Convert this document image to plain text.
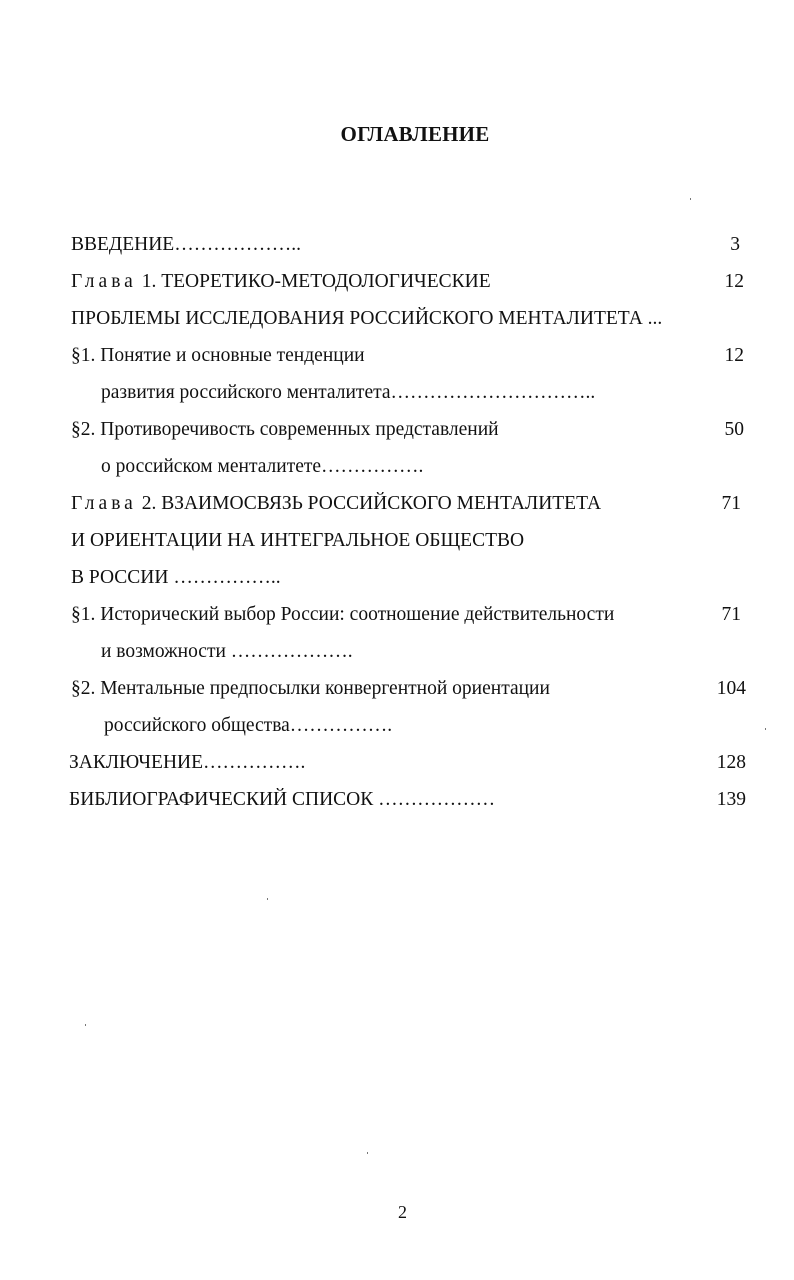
ОГЛАВЛЕНИЕ
ВВЕДЕНИЕ………………..	3
Глава 1. ТЕОРЕТИКО-МЕТОДОЛОГИЧЕСКИЕ	12
ПРОБЛЕМЫ ИССЛЕДОВАНИЯ РОССИЙСКОГО МЕНТАЛИТЕТА ...
§1. Понятие и основные тенденции	12
развития российского менталитета…………………………..
§2. Противоречивость современных представлений	50
о российском менталитете…………….
Глава 2. ВЗАИМОСВЯЗЬ РОССИЙСКОГО МЕНТАЛИТЕТА	71
И ОРИЕНТАЦИИ НА ИНТЕГРАЛЬНОЕ ОБЩЕСТВО
В РОССИИ ……………..
§1. Исторический выбор России: соотношение действительности	71
и возможности ……………….
§2. Ментальные предпосылки конвергентной ориентации	104
российского общества…………….
ЗАКЛЮЧЕНИЕ…………….	128
БИБЛИОГРАФИЧЕСКИЙ СПИСОК ………………	139
2
